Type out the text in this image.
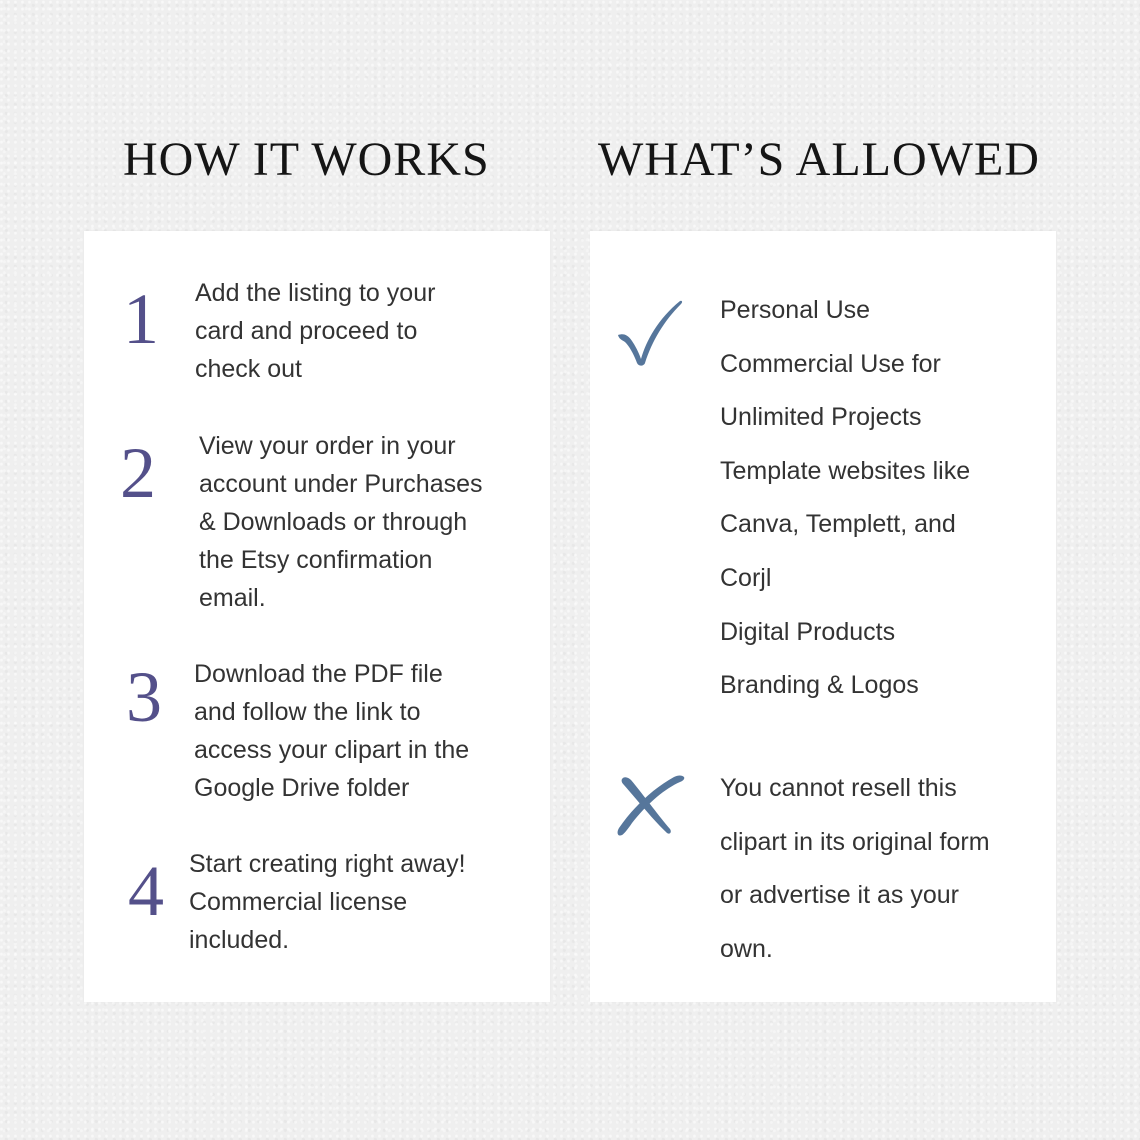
HOW IT WORKS WHAT’S ALLOWED
1 Add the listing to your
card and proceed to
check out
2 View your order in your
account under Purchases
& Downloads or through
the Etsy confirmation
email.
3 Download the PDF file
and follow the link to
access your clipart in the
Google Drive folder
4 Start creating right away!
Commercial license
included.
Personal Use
Commercial Use for
Unlimited Projects
Template websites like
Canva, Templett, and
Corjl
Digital Products
Branding & Logos
You cannot resell this
clipart in its original form
or advertise it as your
own.
